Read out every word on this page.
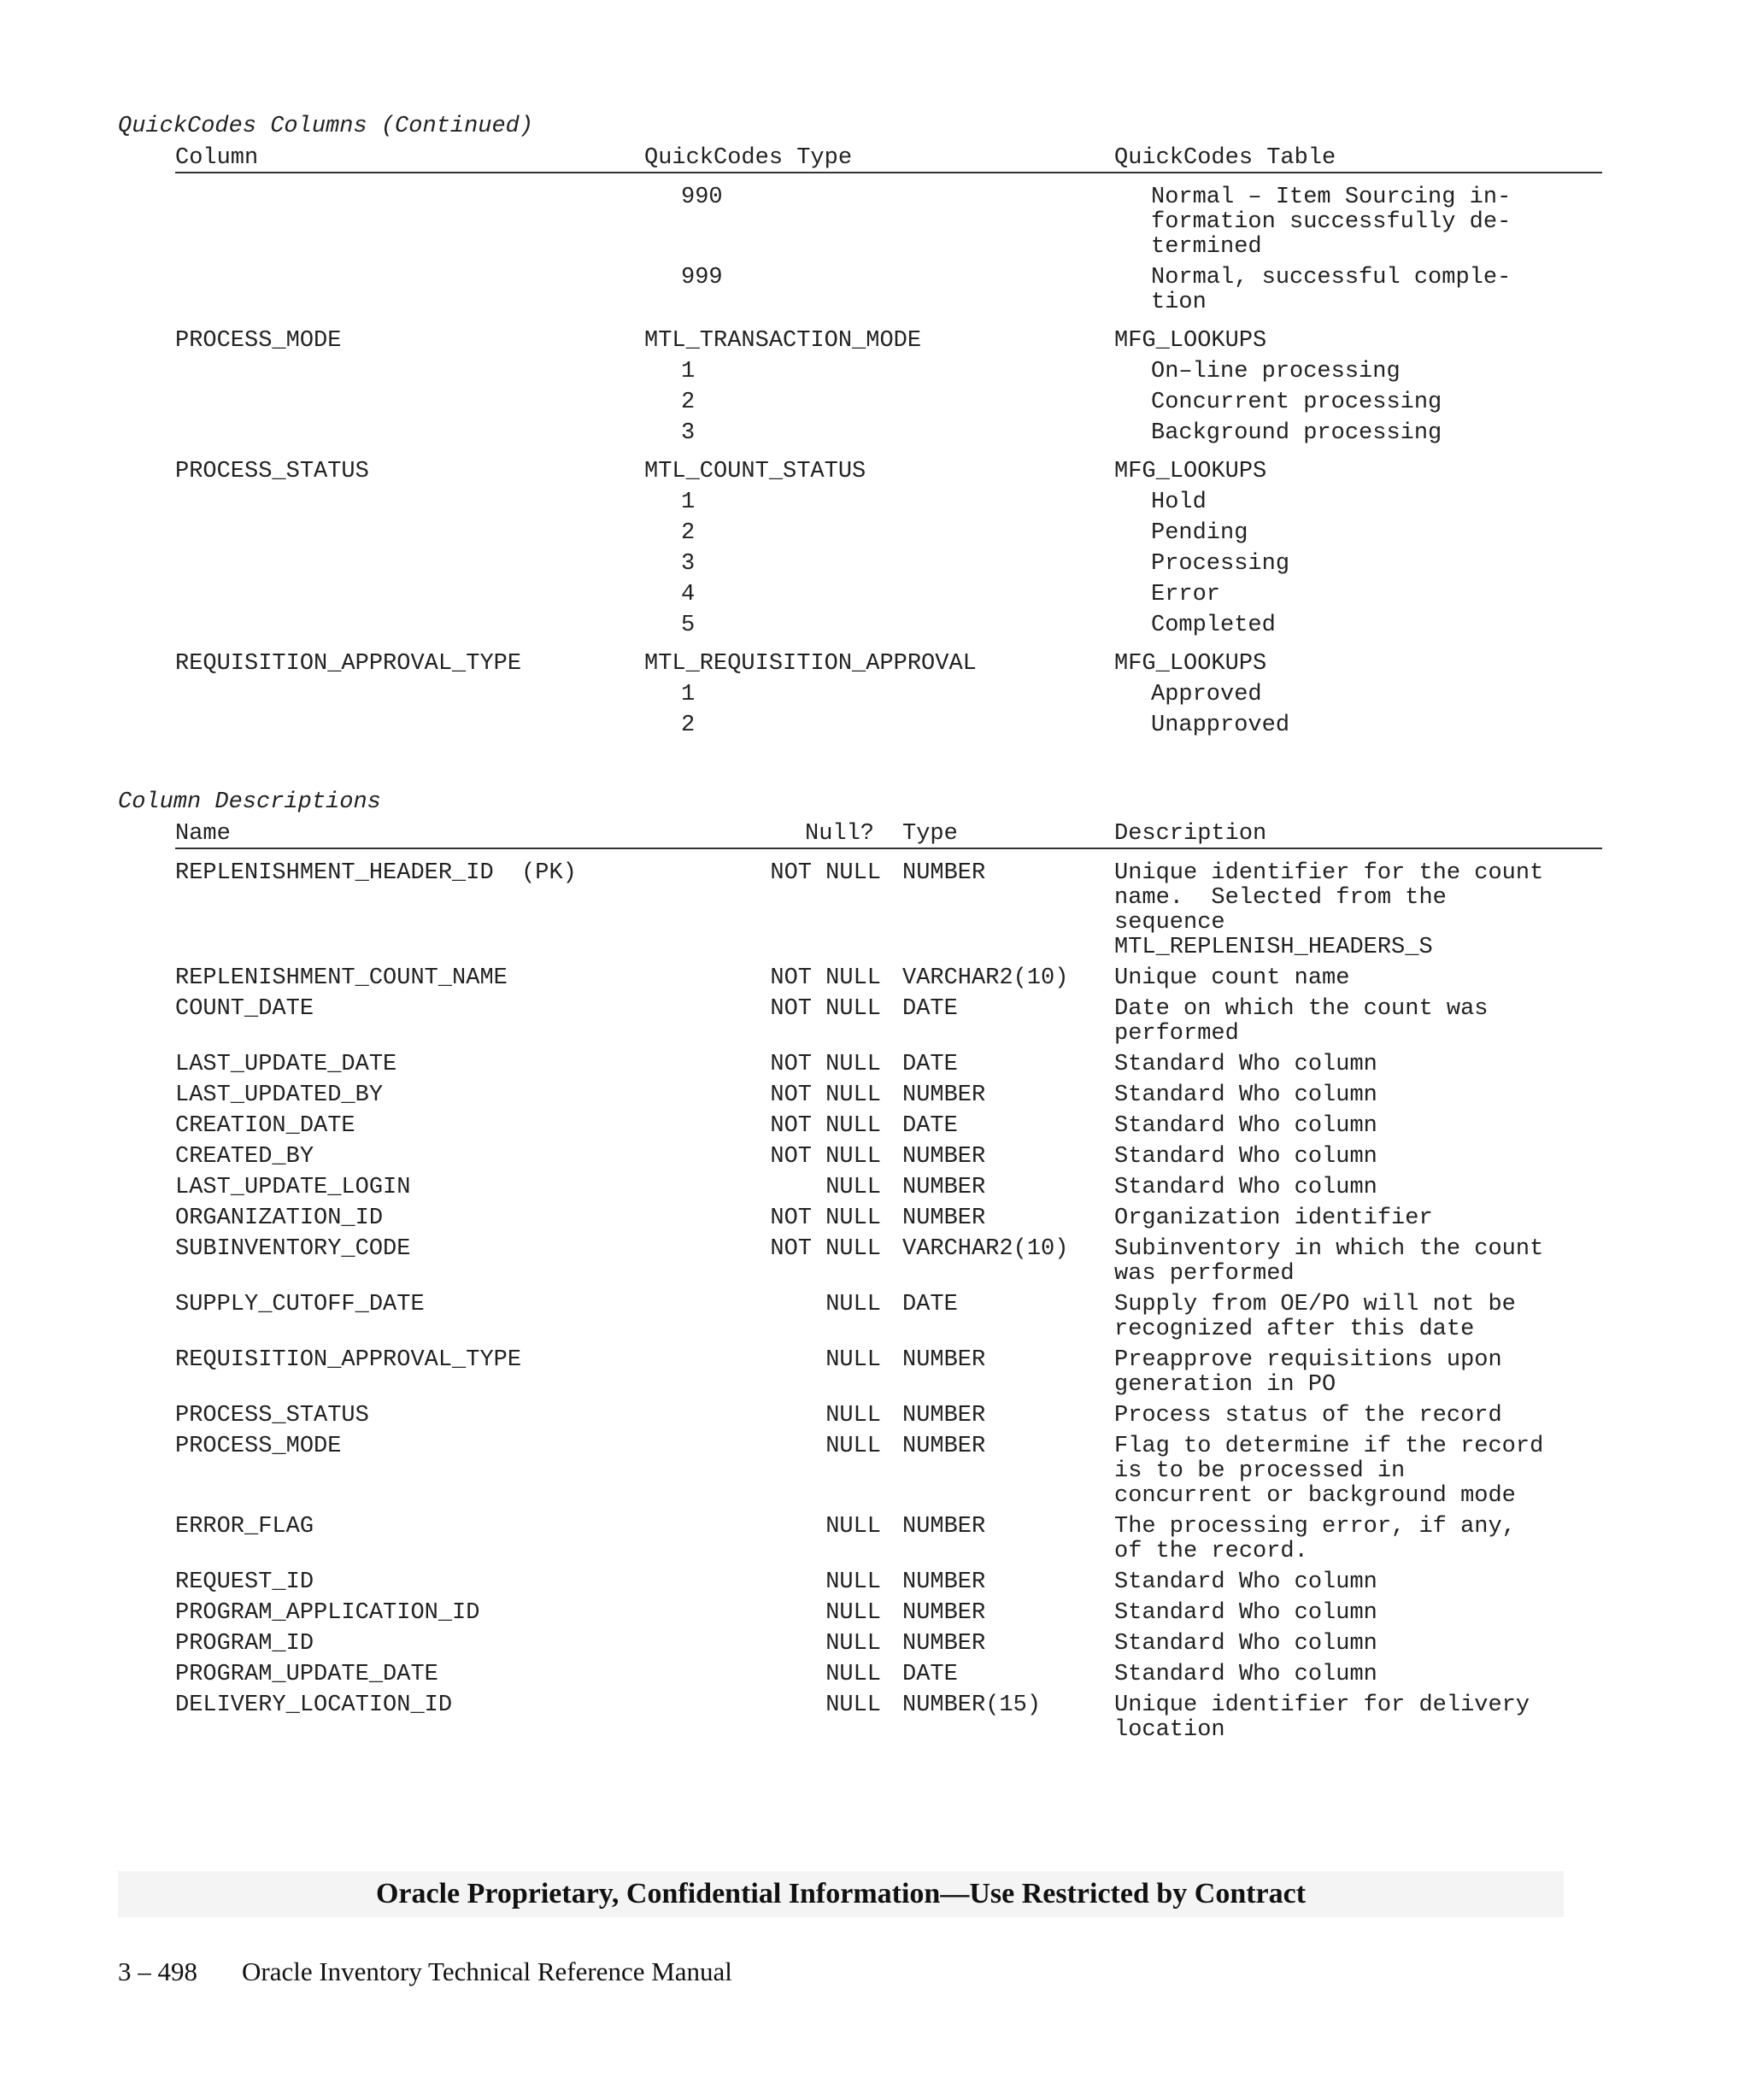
QuickCodes Columns (Continued)
Column	QuickCodes Type	QuickCodes Table
990	Normal – Item Sourcing in-
formation successfully de-
termined
999	Normal, successful comple-
tion
PROCESS_MODE	MTL_TRANSACTION_MODE	MFG_LOOKUPS
1	On–line processing
2	Concurrent processing
3	Background processing
PROCESS_STATUS	MTL_COUNT_STATUS	MFG_LOOKUPS
1	Hold
2	Pending
3	Processing
4	Error
5	Completed
REQUISITION_APPROVAL_TYPE	MTL_REQUISITION_APPROVAL	MFG_LOOKUPS
1	Approved
2	Unapproved
Column Descriptions
Name	Null? Type	Description
REPLENISHMENT_HEADER_ID  (PK)	NOT NULL NUMBER	Unique identifier for the count
name.  Selected from the
sequence
MTL_REPLENISH_HEADERS_S
REPLENISHMENT_COUNT_NAME	NOT NULL VARCHAR2(10) Unique count name
COUNT_DATE	NOT NULL DATE	Date on which the count was
performed
LAST_UPDATE_DATE	NOT NULL DATE	Standard Who column
LAST_UPDATED_BY	NOT NULL NUMBER	Standard Who column
CREATION_DATE	NOT NULL DATE	Standard Who column
CREATED_BY	NOT NULL NUMBER	Standard Who column
LAST_UPDATE_LOGIN	NULL NUMBER	Standard Who column
ORGANIZATION_ID	NOT NULL NUMBER	Organization identifier
SUBINVENTORY_CODE	NOT NULL VARCHAR2(10) Subinventory in which the count
was performed
SUPPLY_CUTOFF_DATE	NULL DATE	Supply from OE/PO will not be
recognized after this date
REQUISITION_APPROVAL_TYPE	NULL NUMBER	Preapprove requisitions upon
generation in PO
PROCESS_STATUS	NULL NUMBER	Process status of the record
PROCESS_MODE	NULL NUMBER	Flag to determine if the record
is to be processed in
concurrent or background mode
ERROR_FLAG	NULL NUMBER	The processing error, if any,
of the record.
REQUEST_ID	NULL NUMBER	Standard Who column
PROGRAM_APPLICATION_ID	NULL NUMBER	Standard Who column
PROGRAM_ID	NULL NUMBER	Standard Who column
PROGRAM_UPDATE_DATE	NULL DATE	Standard Who column
DELIVERY_LOCATION_ID	NULL NUMBER(15)	Unique identifier for delivery
location
Oracle Proprietary, Confidential Information––Use Restricted by Contract
3 – 498 Oracle Inventory Technical Reference Manual
